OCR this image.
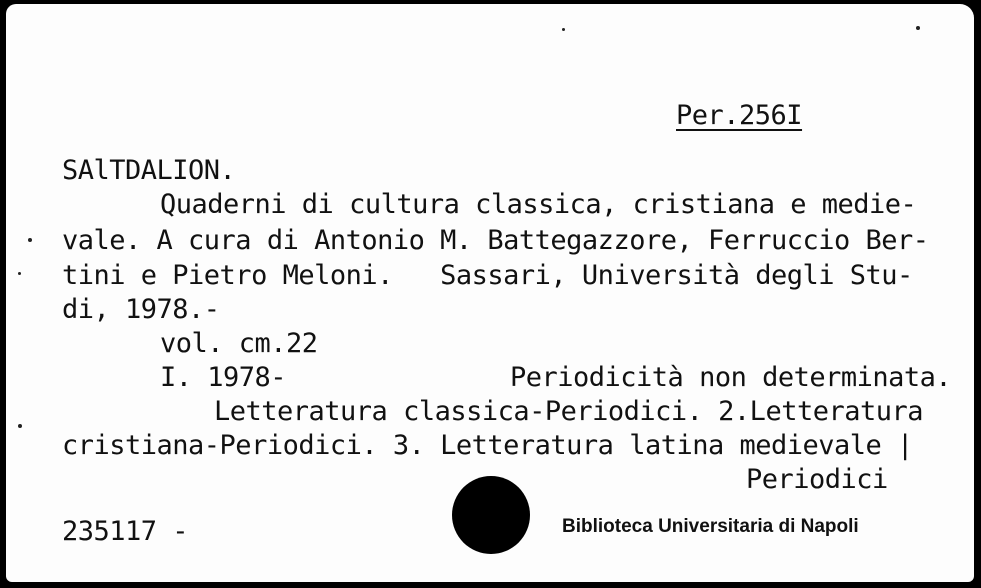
Per.256I
SAlTDALION.
Quaderni di cultura classica, cristiana e medie-
vale. A cura di Antonio M. Battegazzore, Ferruccio Ber-
tini e Pietro Meloni.   Sassari, Università degli Stu-
di, 1978.-
vol. cm.22
I. 1978-	Periodicità non determinata.
Letteratura classica-Periodici. 2.Letteratura
cristiana-Periodici. 3. Letteratura latina medievale |
Periodici
235117 -	Biblioteca Universitaria di Napoli
